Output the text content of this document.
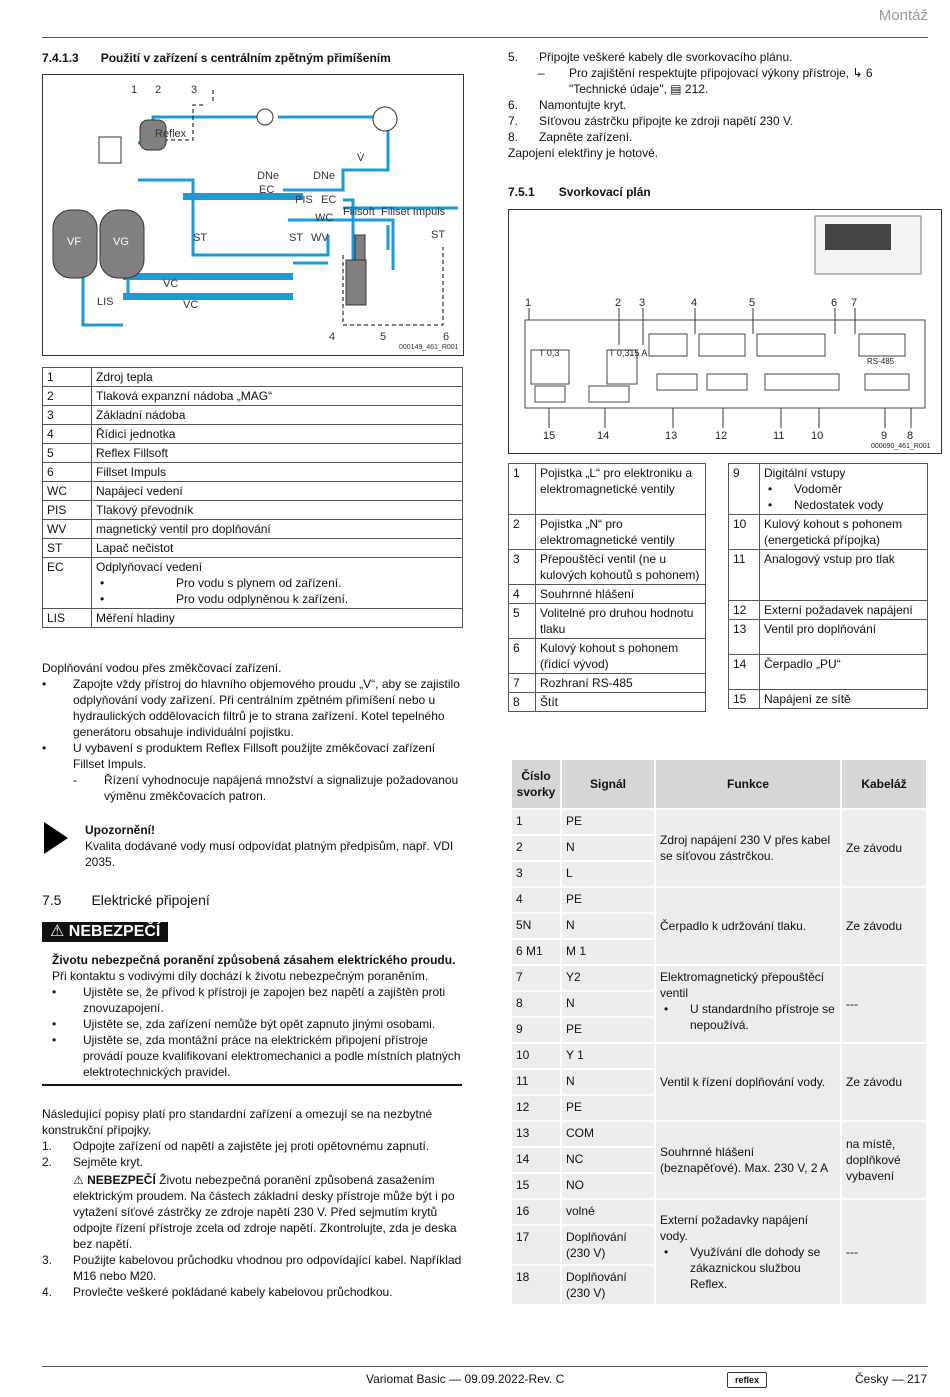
Montáž
7.4.1.3 Použití v zařízení s centrálním zpětným přimíšením
1 2	3
Reflex
DNe	DNe
EC
EC
PIS
WC
V̇
ST	ST WV
Fillsoft Fillset Impuls
ST
VF	VG
VC
VC
LIS
4	5	6
000149_461_R001
1	Zdroj tepla
2	Tlaková expanzní nádoba „MAG“
3	Základní nádoba
4	Řídicí jednotka
5	Reflex Fillsoft
6	Fillset Impuls
WC	Napájecí vedení
PIS	Tlakový převodník
WV	magnetický ventil pro doplňování
ST	Lapač nečistot
EC	Odplyňovací vedení
• Pro vodu s plynem od zařízení.
• Pro vodu odplyněnou k zařízení.

LIS	Měření hladiny
Doplňování vodou přes změkčovací zařízení.
• Zapojte vždy přístroj do hlavního objemového proudu „V“, aby se zajistilo odplyňování vody zařízení. Při centrálním zpětném přimíšení nebo u hydraulických oddělovacích filtrů je to strana zařízení. Kotel tepelného generátoru obsahuje individuální pojistku.
• U vybavení s produktem Reflex Fillsoft použijte změkčovací zařízení Fillset Impuls.
- Řízení vyhodnocuje napájená množství a signalizuje požadovanou výměnu změkčovacích patron.
Upozornění!
Kvalita dodávané vody musí odpovídat platným předpisům, např. VDI 2035.
7.5 Elektrické připojení
⚠ NEBEZPEČÍ
Životu nebezpečná poranění způsobená zásahem elektrického proudu.
Při kontaktu s vodivými díly dochází k životu nebezpečným poraněním.
• Ujistěte se, že přívod k přístroji je zapojen bez napětí a zajištěn proti znovuzapojení.
• Ujistěte se, zda zařízení nemůže být opět zapnuto jinými osobami.
• Ujistěte se, zda montážní práce na elektrickém připojení přístroje provádí pouze kvalifikovaní elektromechanici a podle místních platných elektrotechnických pravidel.
Následující popisy platí pro standardní zařízení a omezují se na nezbytné konstrukční přípojky.
1. Odpojte zařízení od napětí a zajistěte jej proti opětovnému zapnutí.
2. Sejměte kryt.
⚠ NEBEZPEČÍ Životu nebezpečná poranění způsobená zasažením elektrickým proudem. Na částech základní desky přístroje může být i po vytažení síťové zástrčky ze zdroje napětí 230 V. Před sejmutím krytů odpojte řízení přístroje zcela od zdroje napětí. Zkontrolujte, zda je deska bez napětí.
3. Použijte kabelovou průchodku vhodnou pro odpovídající kabel. Například M16 nebo M20.
4. Provlečte veškeré pokládané kabely kabelovou průchodkou.
5. Připojte veškeré kabely dle svorkovacího plánu.
– Pro zajištění respektujte připojovací výkony přístroje, ↳ 6 "Technické údaje", ▤ 212.
6. Namontujte kryt.
7. Síťovou zástrčku připojte ke zdroji napětí 230 V.
8. Zapněte zařízení.
Zapojení elektřiny je hotové.
7.5.1 Svorkovací plán
1	2 3	4	5	6 7
15	14	13	12	11 10	9 8
T 0,3	T 0,315 A
RS-485
000090_461_R001
1	Pojistka „L“ pro elektroniku a elektromagnetické ventily
2	Pojistka „N“ pro elektromagnetické ventily
3	Přepouštěcí ventil (ne u kulových kohoutů s pohonem)
4	Souhrnné hlášení
5	Volitelné pro druhou hodnotu tlaku
6	Kulový kohout s pohonem (řídicí vývod)
7	Rozhraní RS-485
8	Štít
9	Digitální vstupy
• Vodoměr
• Nedostatek vody

10	Kulový kohout s pohonem (energetická přípojka)
11	Analogový vstup pro tlak
12	Externí požadavek napájení
13	Ventil pro doplňování
14	Čerpadlo „PU“
15	Napájení ze sítě
Číslo svorky	Signál	Funkce	Kabeláž
1	PE	Zdroj napájení 230 V přes kabel se síťovou zástrčkou.	Ze závodu
2	N		
3	L		
4	PE	Čerpadlo k udržování tlaku.	Ze závodu
5N	N		
6 M1	M 1		
7	Y2	Elektromagnetický přepouštěcí ventil
• U standardního přístroje se nepoužívá.	---
8	N		
9	PE		
10	Y 1	Ventil k řízení doplňování vody.	Ze závodu
11	N		
12	PE		
13	COM	Souhrnné hlášení (beznapěťové). Max. 230 V, 2 A	na místě, doplňkové vybavení
14	NC		
15	NO		
16	volné	Externí požadavky napájení vody.
• Využívání dle dohody se zákaznickou službou Reflex.	---
17	Doplňování (230 V)		
18	Doplňování (230 V)		
Variomat Basic — 09.09.2022-Rev. C	reflex	Česky — 217
